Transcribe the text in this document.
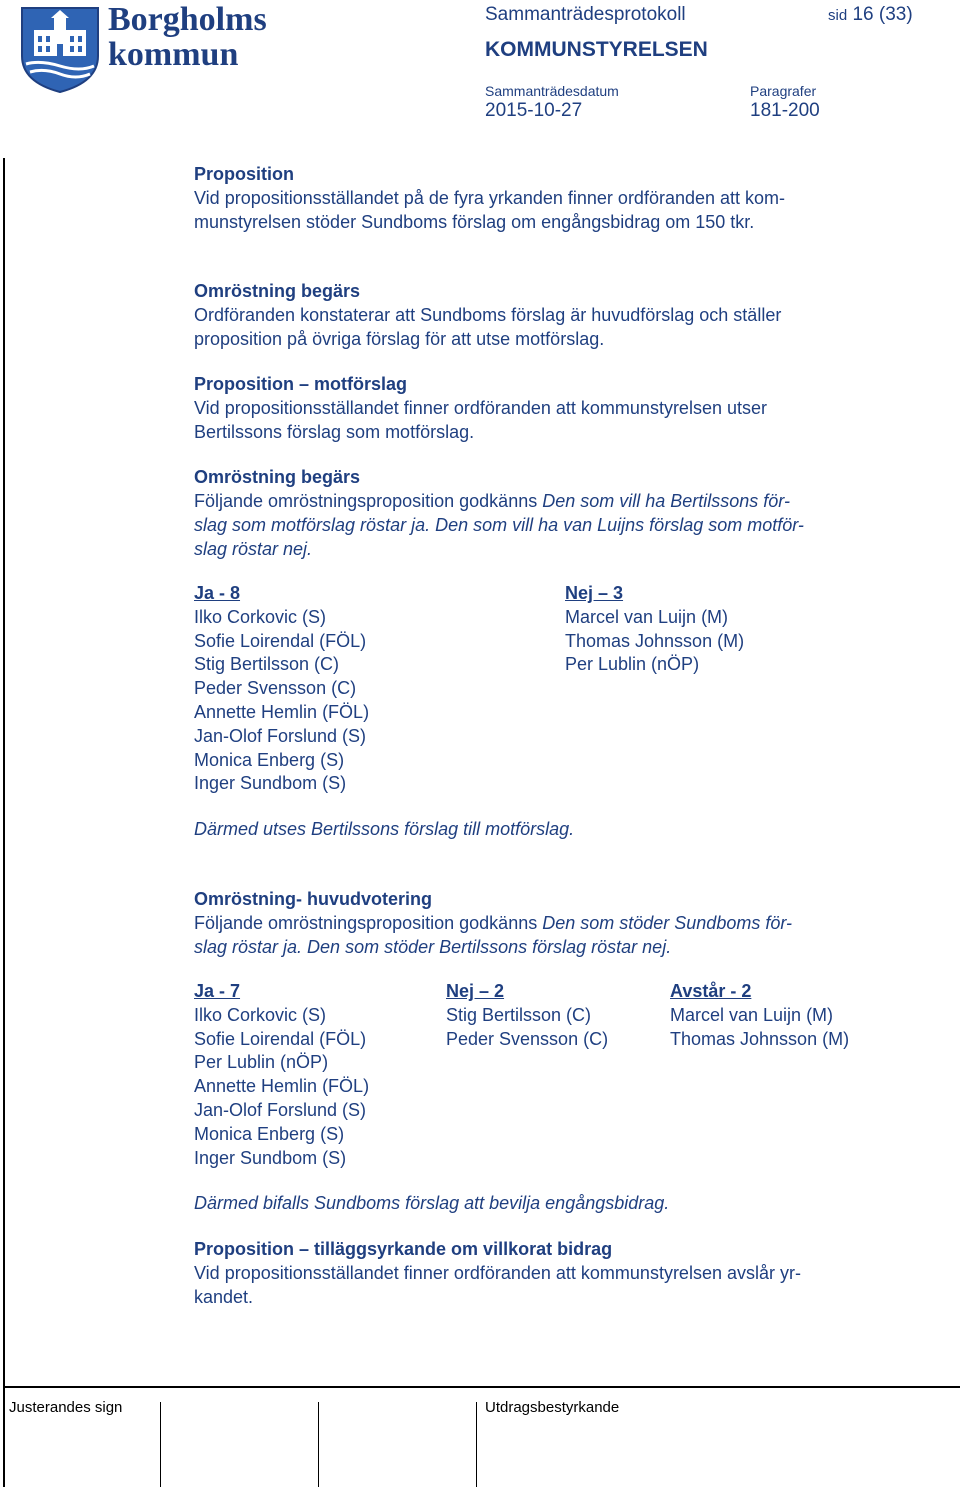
Borgholms
kommun
Sammanträdesprotokoll	sid 16 (33)
KOMMUNSTYRELSEN
Sammanträdesdatum
2015-10-27
Paragrafer
181-200
Proposition
Vid propositionsställandet på de fyra yrkanden finner ordföranden att kom-
munstyrelsen stöder Sundboms förslag om engångsbidrag om 150 tkr.
Omröstning begärs
Ordföranden konstaterar att Sundboms förslag är huvudförslag och ställer
proposition på övriga förslag för att utse motförslag.
Proposition – motförslag
Vid propositionsställandet finner ordföranden att kommunstyrelsen utser
Bertilssons förslag som motförslag.
Omröstning begärs
Följande omröstningsproposition godkänns Den som vill ha Bertilssons för-
slag som motförslag röstar ja. Den som vill ha van Luijns förslag som motför-
slag röstar nej.
Ja - 8
Ilko Corkovic (S)
Sofie Loirendal (FÖL)
Stig Bertilsson (C)
Peder Svensson (C)
Annette Hemlin (FÖL)
Jan-Olof Forslund (S)
Monica Enberg (S)
Inger Sundbom (S)
Nej – 3
Marcel van Luijn (M)
Thomas Johnsson (M)
Per Lublin (nÖP)
Därmed utses Bertilssons förslag till motförslag.
Omröstning- huvudvotering
Följande omröstningsproposition godkänns Den som stöder Sundboms för-
slag röstar ja. Den som stöder Bertilssons förslag röstar nej.
Ja - 7
Ilko Corkovic (S)
Sofie Loirendal (FÖL)
Per Lublin (nÖP)
Annette Hemlin (FÖL)
Jan-Olof Forslund (S)
Monica Enberg (S)
Inger Sundbom (S)
Nej – 2
Stig Bertilsson (C)
Peder Svensson (C)
Avstår - 2
Marcel van Luijn (M)
Thomas Johnsson (M)
Därmed bifalls Sundboms förslag att bevilja engångsbidrag.
Proposition – tilläggsyrkande om villkorat bidrag
Vid propositionsställandet finner ordföranden att kommunstyrelsen avslår yr-
kandet.
Justerandes sign	Utdragsbestyrkande
